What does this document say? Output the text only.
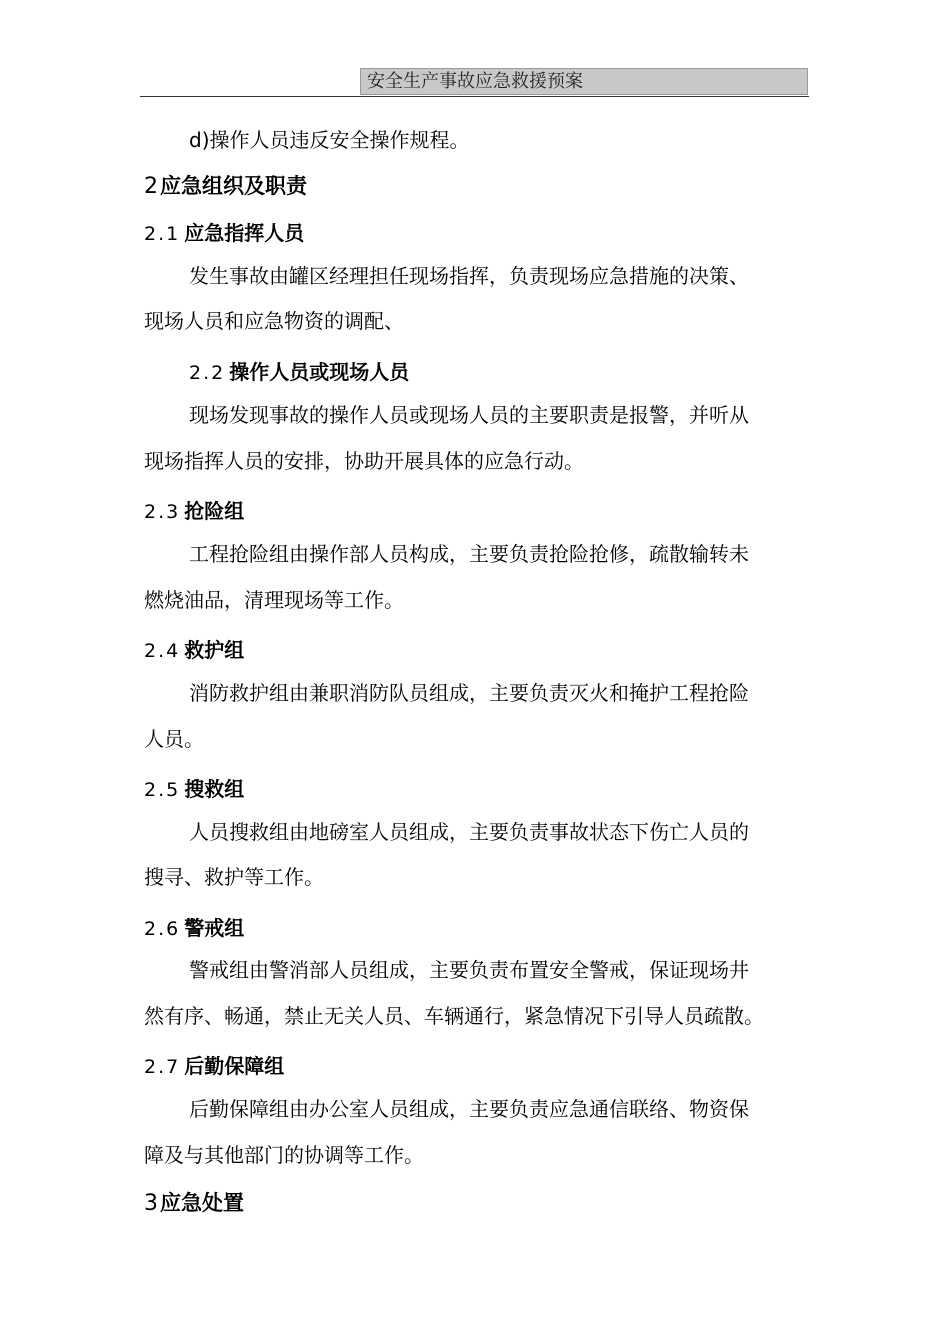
安全生产事故应急救援预案
d)操作人员违反安全操作规程。
2应急组织及职责
2.1 应急指挥人员
发生事故由罐区经理担任现场指挥，负责现场应急措施的决策、
现场人员和应急物资的调配、
2.2 操作人员或现场人员
现场发现事故的操作人员或现场人员的主要职责是报警，并听从
现场指挥人员的安排，协助开展具体的应急行动。
2.3 抢险组
工程抢险组由操作部人员构成，主要负责抢险抢修，疏散输转未
燃烧油品，清理现场等工作。
2.4 救护组
消防救护组由兼职消防队员组成，主要负责灭火和掩护工程抢险
人员。
2.5 搜救组
人员搜救组由地磅室人员组成，主要负责事故状态下伤亡人员的
搜寻、救护等工作。
2.6 警戒组
警戒组由警消部人员组成，主要负责布置安全警戒，保证现场井
然有序、畅通，禁止无关人员、车辆通行，紧急情况下引导人员疏散。
2.7 后勤保障组
后勤保障组由办公室人员组成，主要负责应急通信联络、物资保
障及与其他部门的协调等工作。
3应急处置
